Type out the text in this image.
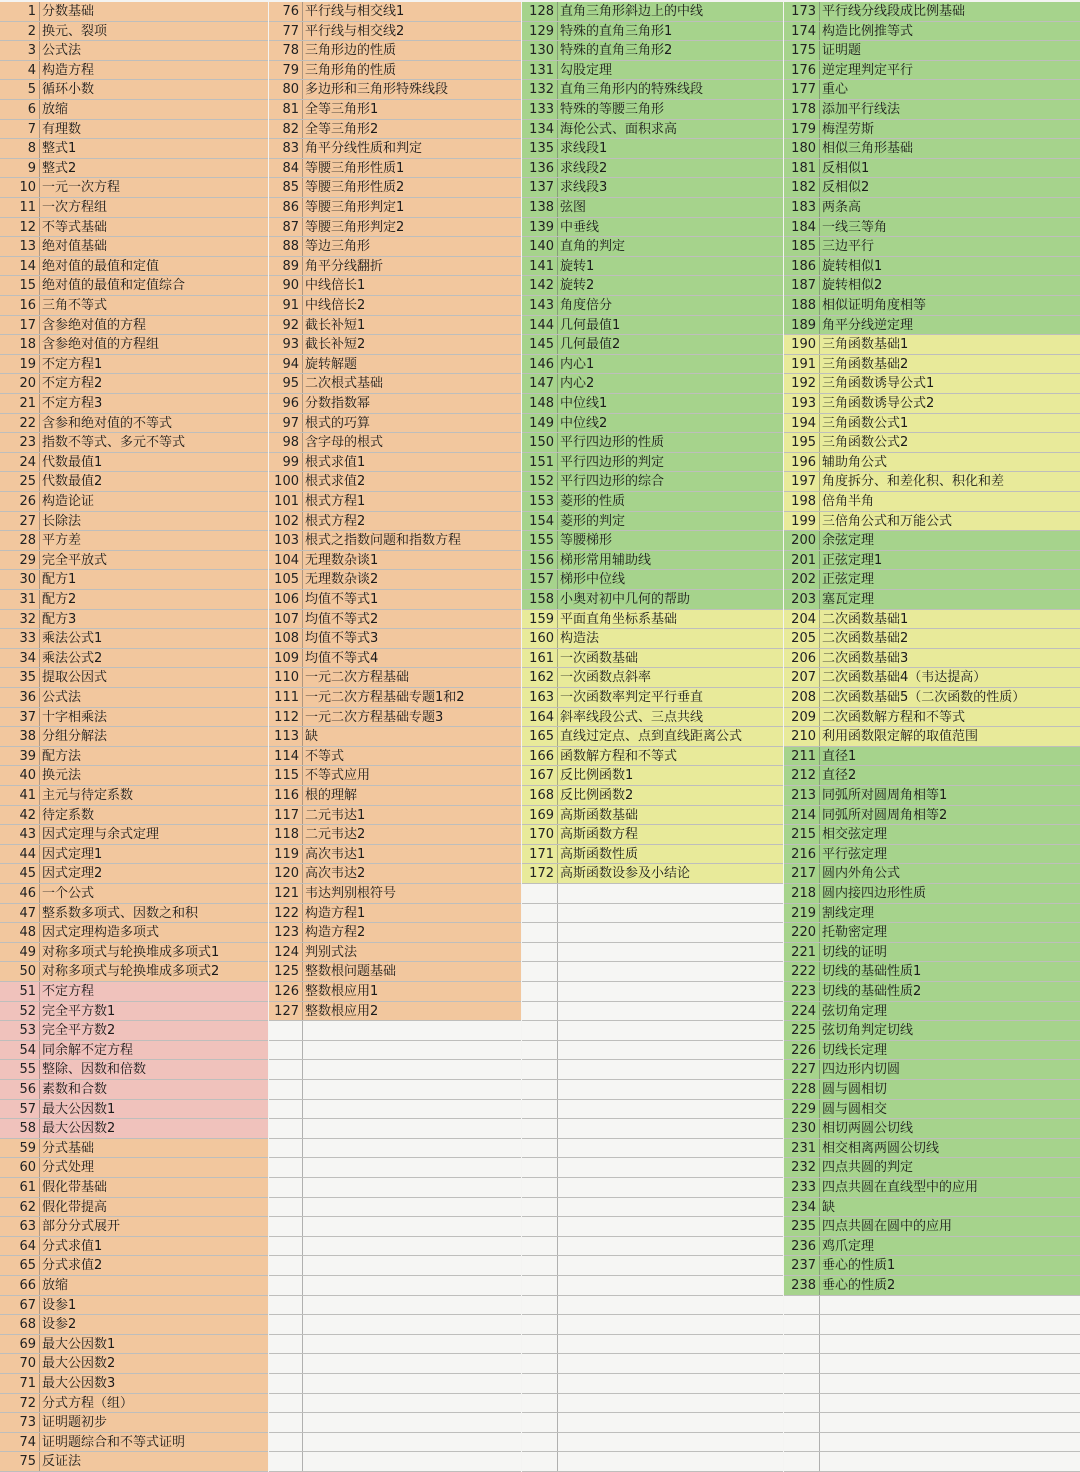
1 分数基础
2 换元、裂项
3 公式法
4 构造方程
5 循环小数
6 放缩
7 有理数
8 整式1
9 整式2
10 一元一次方程
11 一次方程组
12 不等式基础
13 绝对值基础
14 绝对值的最值和定值
15 绝对值的最值和定值综合
16 三角不等式
17 含参绝对值的方程
18 含参绝对值的方程组
19 不定方程1
20 不定方程2
21 不定方程3
22 含参和绝对值的不等式
23 指数不等式、多元不等式
24 代数最值1
25 代数最值2
26 构造论证
27 长除法
28 平方差
29 完全平放式
30 配方1
31 配方2
32 配方3
33 乘法公式1
34 乘法公式2
35 提取公因式
36 公式法
37 十字相乘法
38 分组分解法
39 配方法
40 换元法
41 主元与待定系数
42 待定系数
43 因式定理与余式定理
44 因式定理1
45 因式定理2
46 一个公式
47 整系数多项式、因数之和积
48 因式定理构造多项式
49 对称多项式与轮换堆成多项式1
50 对称多项式与轮换堆成多项式2
51 不定方程
52 完全平方数1
53 完全平方数2
54 同余解不定方程
55 整除、因数和倍数
56 素数和合数
57 最大公因数1
58 最大公因数2
59 分式基础
60 分式处理
61 假化带基础
62 假化带提高
63 部分分式展开
64 分式求值1
65 分式求值2
66 放缩
67 设参1
68 设参2
69 最大公因数1
70 最大公因数2
71 最大公因数3
72 分式方程（组）
73 证明题初步
74 证明题综合和不等式证明
75 反证法
76 平行线与相交线1
77 平行线与相交线2
78 三角形边的性质
79 三角形角的性质
80 多边形和三角形特殊线段
81 全等三角形1
82 全等三角形2
83 角平分线性质和判定
84 等腰三角形性质1
85 等腰三角形性质2
86 等腰三角形判定1
87 等腰三角形判定2
88 等边三角形
89 角平分线翻折
90 中线倍长1
91 中线倍长2
92 截长补短1
93 截长补短2
94 旋转解题
95 二次根式基础
96 分数指数幂
97 根式的巧算
98 含字母的根式
99 根式求值1
100 根式求值2
101 根式方程1
102 根式方程2
103 根式之指数问题和指数方程
104 无理数杂谈1
105 无理数杂谈2
106 均值不等式1
107 均值不等式2
108 均值不等式3
109 均值不等式4
110 一元二次方程基础
111 一元二次方程基础专题1和2
112 一元二次方程基础专题3
113 缺
114 不等式
115 不等式应用
116 根的理解
117 二元韦达1
118 二元韦达2
119 高次韦达1
120 高次韦达2
121 韦达判别根符号
122 构造方程1
123 构造方程2
124 判别式法
125 整数根问题基础
126 整数根应用1
127 整数根应用2
128 直角三角形斜边上的中线
129 特殊的直角三角形1
130 特殊的直角三角形2
131 勾股定理
132 直角三角形内的特殊线段
133 特殊的等腰三角形
134 海伦公式、面积求高
135 求线段1
136 求线段2
137 求线段3
138 弦图
139 中垂线
140 直角的判定
141 旋转1
142 旋转2
143 角度倍分
144 几何最值1
145 几何最值2
146 内心1
147 内心2
148 中位线1
149 中位线2
150 平行四边形的性质
151 平行四边形的判定
152 平行四边形的综合
153 菱形的性质
154 菱形的判定
155 等腰梯形
156 梯形常用辅助线
157 梯形中位线
158 小奥对初中几何的帮助
159 平面直角坐标系基础
160 构造法
161 一次函数基础
162 一次函数点斜率
163 一次函数率判定平行垂直
164 斜率线段公式、三点共线
165 直线过定点、点到直线距离公式
166 函数解方程和不等式
167 反比例函数1
168 反比例函数2
169 高斯函数基础
170 高斯函数方程
171 高斯函数性质
172 高斯函数设参及小结论
173 平行线分线段成比例基础
174 构造比例推等式
175 证明题
176 逆定理判定平行
177 重心
178 添加平行线法
179 梅涅劳斯
180 相似三角形基础
181 反相似1
182 反相似2
183 两条高
184 一线三等角
185 三边平行
186 旋转相似1
187 旋转相似2
188 相似证明角度相等
189 角平分线逆定理
190 三角函数基础1
191 三角函数基础2
192 三角函数诱导公式1
193 三角函数诱导公式2
194 三角函数公式1
195 三角函数公式2
196 辅助角公式
197 角度拆分、和差化积、积化和差
198 倍角半角
199 三倍角公式和万能公式
200 余弦定理
201 正弦定理1
202 正弦定理
203 塞瓦定理
204 二次函数基础1
205 二次函数基础2
206 二次函数基础3
207 二次函数基础4（韦达提高）
208 二次函数基础5（二次函数的性质）
209 二次函数解方程和不等式
210 利用函数限定解的取值范围
211 直径1
212 直径2
213 同弧所对圆周角相等1
214 同弧所对圆周角相等2
215 相交弦定理
216 平行弦定理
217 圆内外角公式
218 圆内接四边形性质
219 割线定理
220 托勒密定理
221 切线的证明
222 切线的基础性质1
223 切线的基础性质2
224 弦切角定理
225 弦切角判定切线
226 切线长定理
227 四边形内切圆
228 圆与圆相切
229 圆与圆相交
230 相切两圆公切线
231 相交相离两圆公切线
232 四点共圆的判定
233 四点共圆在直线型中的应用
234 缺
235 四点共圆在圆中的应用
236 鸡爪定理
237 垂心的性质1
238 垂心的性质2
